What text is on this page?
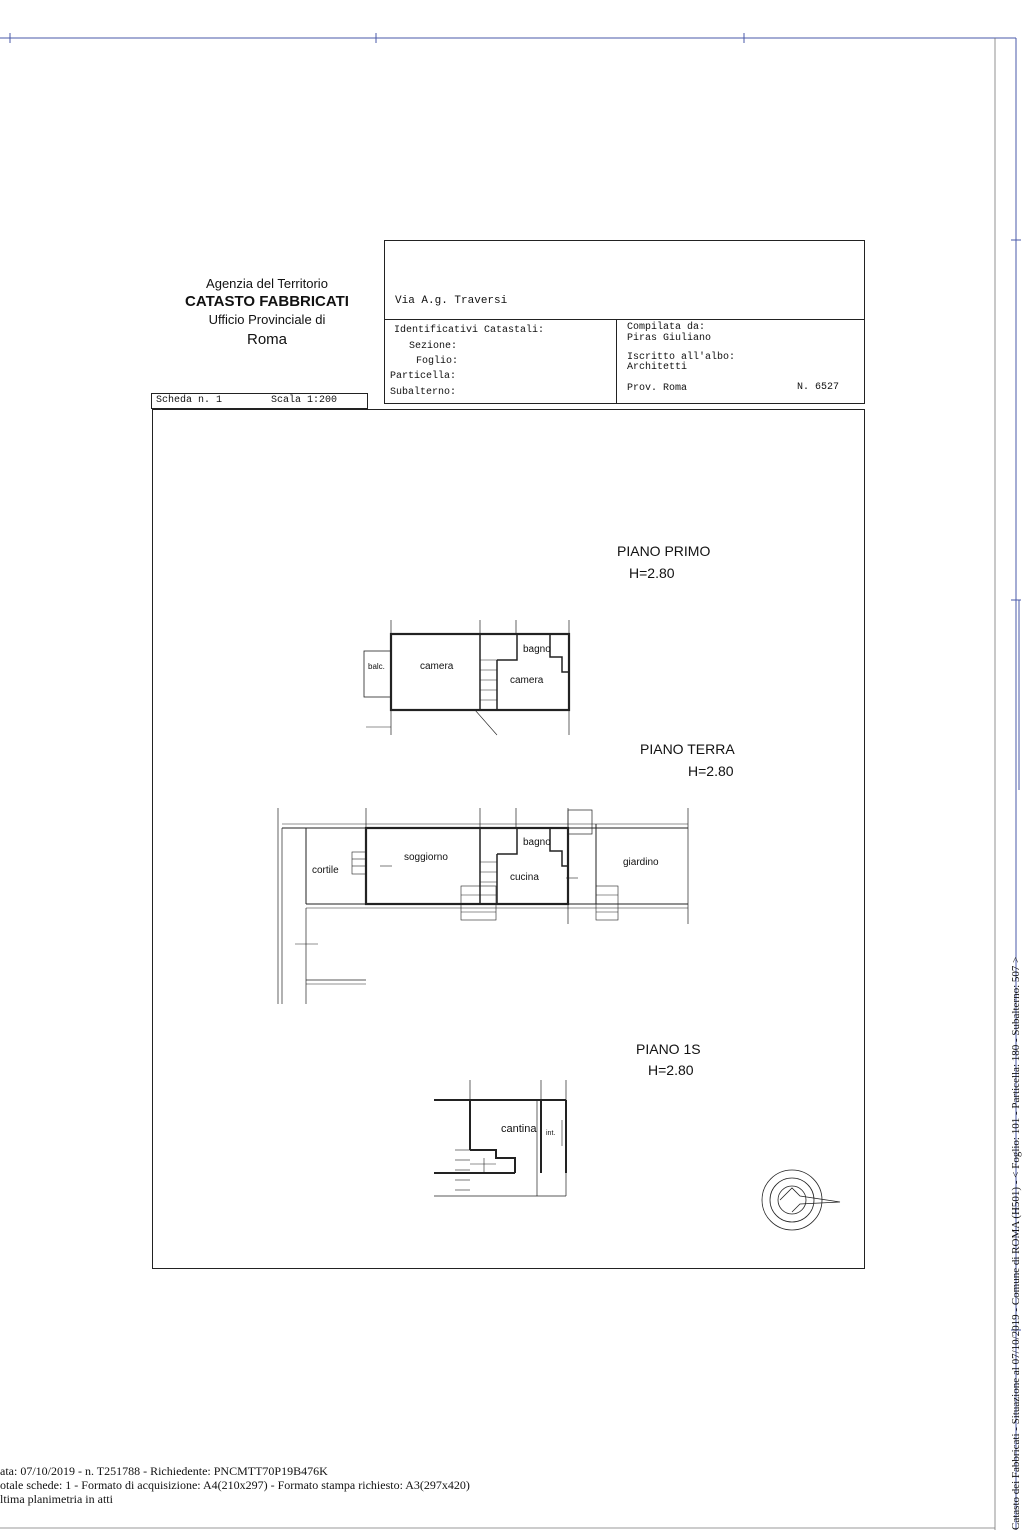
Agenzia del Territorio
CATASTO FABBRICATI
Ufficio Provinciale di
Roma
Via A.g. Traversi
Identificativi Catastali:
Sezione:
Foglio:
Particella:
Subalterno:
Compilata da:
Piras Giuliano
Iscritto all'albo:
Architetti
Prov. Roma	N. 6527
Scheda n. 1	Scala 1:200
PIANO PRIMO
H=2.80
PIANO TERRA
H=2.80
PIANO 1S
H=2.80
balc.	camera
bagno
camera
cortile
soggiorno
bagno
cucina
giardino
cantina int.
ata: 07/10/2019 - n. T251788 - Richiedente: PNCMTT70P19B476K
otale schede: 1 - Formato di acquisizione: A4(210x297) - Formato stampa richiesto: A3(297x420)
ltima planimetria in atti	Catasto dei Fabbricati - Situazione al 07/10/2019 - Comune di ROMA (H501) - < Foglio: 101 - Particella: 180 - Subalterno: 507 >
